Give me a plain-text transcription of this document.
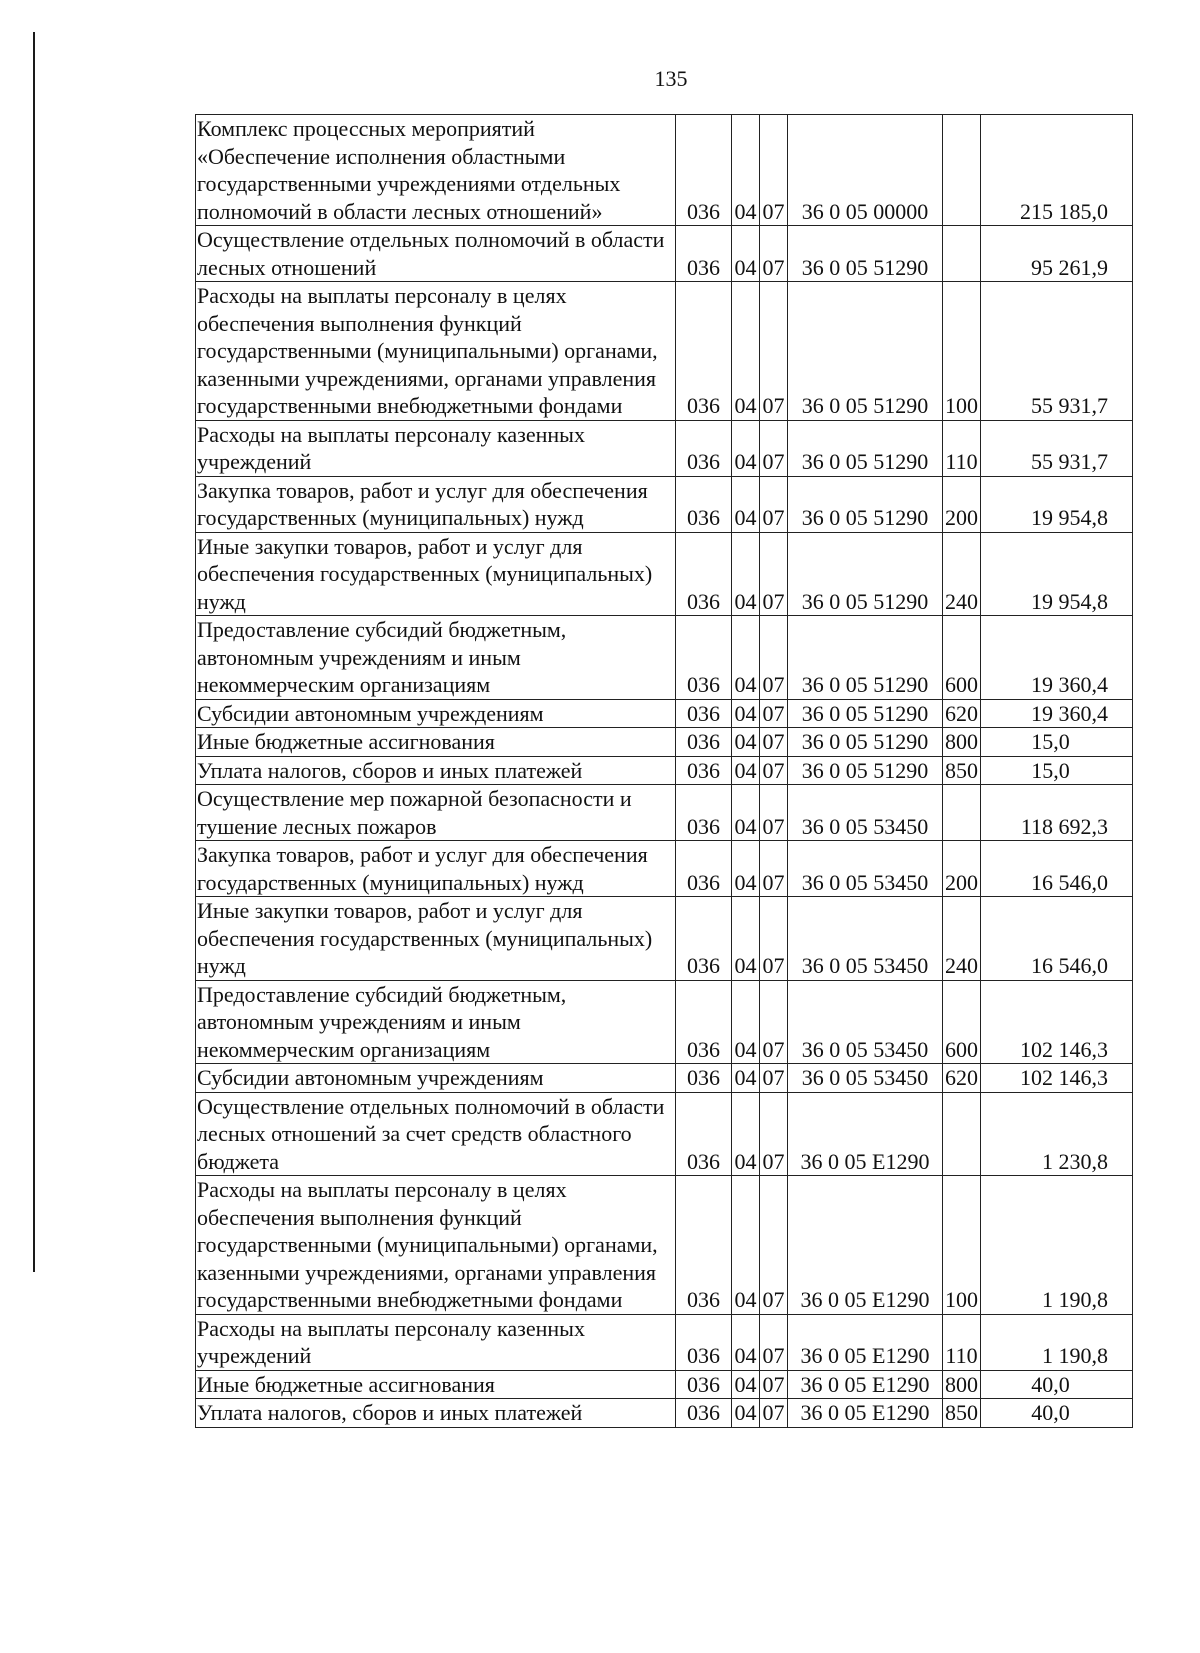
135
Комплекс процессных мероприятий «Обеспечение исполнения областными государственными учреждениями отдельных полномочий в области лесных отношений»	036	04	07	36 0 05 00000		215 185,0
Осуществление отдельных полномочий в области лесных отношений	036	04	07	36 0 05 51290		95 261,9
Расходы на выплаты персоналу в целях обеспечения выполнения функций государственными (муниципальными) органами, казенными учреждениями, органами управления государственными внебюджетными фондами	036	04	07	36 0 05 51290	100	55 931,7
Расходы на выплаты персоналу казенных учреждений	036	04	07	36 0 05 51290	110	55 931,7
Закупка товаров, работ и услуг для обеспечения государственных (муниципальных) нужд	036	04	07	36 0 05 51290	200	19 954,8
Иные закупки товаров, работ и услуг для обеспечения государственных (муниципальных) нужд	036	04	07	36 0 05 51290	240	19 954,8
Предоставление субсидий бюджетным, автономным учреждениям и иным некоммерческим организациям	036	04	07	36 0 05 51290	600	19 360,4
Субсидии автономным учреждениям	036	04	07	36 0 05 51290	620	19 360,4
Иные бюджетные ассигнования	036	04	07	36 0 05 51290	800	15,0
Уплата налогов, сборов и иных платежей	036	04	07	36 0 05 51290	850	15,0
Осуществление мер пожарной безопасности и тушение лесных пожаров	036	04	07	36 0 05 53450		118 692,3
Закупка товаров, работ и услуг для обеспечения государственных (муниципальных) нужд	036	04	07	36 0 05 53450	200	16 546,0
Иные закупки товаров, работ и услуг для обеспечения государственных (муниципальных) нужд	036	04	07	36 0 05 53450	240	16 546,0
Предоставление субсидий бюджетным, автономным учреждениям и иным некоммерческим организациям	036	04	07	36 0 05 53450	600	102 146,3
Субсидии автономным учреждениям	036	04	07	36 0 05 53450	620	102 146,3
Осуществление отдельных полномочий в области лесных отношений за счет средств областного бюджета	036	04	07	36 0 05 E1290		1 230,8
Расходы на выплаты персоналу в целях обеспечения выполнения функций государственными (муниципальными) органами, казенными учреждениями, органами управления государственными внебюджетными фондами	036	04	07	36 0 05 E1290	100	1 190,8
Расходы на выплаты персоналу казенных учреждений	036	04	07	36 0 05 E1290	110	1 190,8
Иные бюджетные ассигнования	036	04	07	36 0 05 E1290	800	40,0
Уплата налогов, сборов и иных платежей	036	04	07	36 0 05 E1290	850	40,0
